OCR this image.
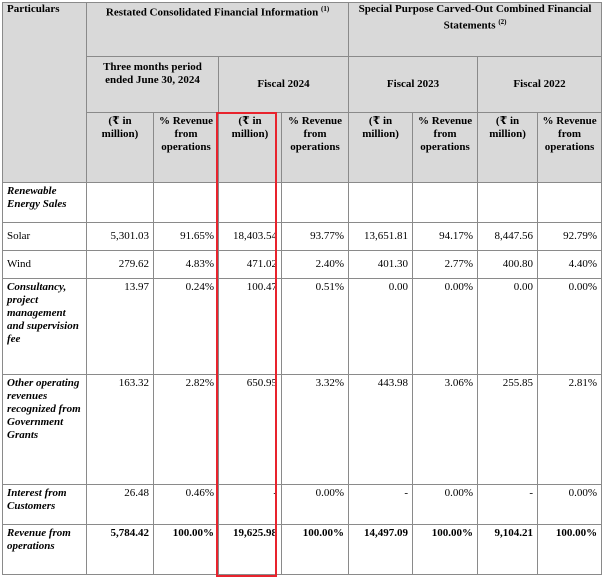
Particulars	Restated Consolidated Financial Information $^{(1)}$				Special Purpose Carved-Out Combined Financial Statements $^{(2)}$
	Three months period ended June 30, 2024		Fiscal 2024		Fiscal 2023		Fiscal 2022	
	(₹ in million)	% Revenue from operations	(₹ in million)	% Revenue from operations	(₹ in million)	% Revenue from operations	(₹ in million)	% Revenue from operations
Renewable Energy Sales								
Solar	5,301.03	91.65%	18,403.54	93.77%	13,651.81	94.17%	8,447.56	92.79%
Wind	279.62	4.83%	471.02	2.40%	401.30	2.77%	400.80	4.40%
Consultancy, project management and supervision fee	13.97	0.24%	100.47	0.51%	0.00	0.00%	0.00	0.00%
Other operating revenues recognized from Government Grants	163.32	2.82%	650.95	3.32%	443.98	3.06%	255.85	2.81%
Interest from Customers	26.48	0.46%	-	0.00%	-	0.00%	-	0.00%
Revenue from operations	5,784.42	100.00%	19,625.98	100.00%	14,497.09	100.00%	9,104.21	100.00%
